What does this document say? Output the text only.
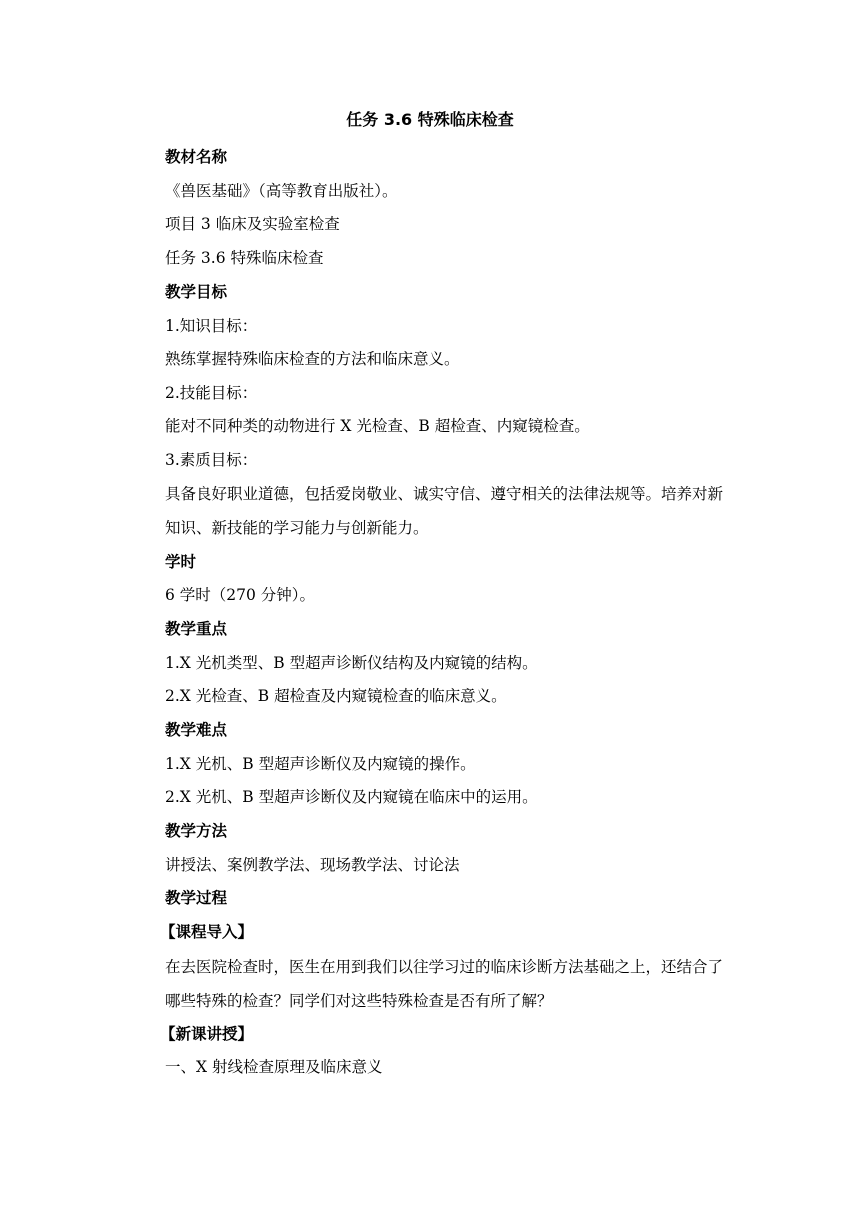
任务 3.6 特殊临床检查
教材名称
《兽医基础》（高等教育出版社）。
项目 3 临床及实验室检查
任务 3.6 特殊临床检查
教学目标
1.知识目标：
熟练掌握特殊临床检查的方法和临床意义。
2.技能目标：
能对不同种类的动物进行 X 光检查、B 超检查、内窥镜检查。
3.素质目标：
具备良好职业道德，包括爱岗敬业、诚实守信、遵守相关的法律法规等。培养对新知识、新技能的学习能力与创新能力。
学时
6 学时（270 分钟）。
教学重点
1.X 光机类型、B 型超声诊断仪结构及内窥镜的结构。
2.X 光检查、B 超检查及内窥镜检查的临床意义。
教学难点
1.X 光机、B 型超声诊断仪及内窥镜的操作。
2.X 光机、B 型超声诊断仪及内窥镜在临床中的运用。
教学方法
讲授法、案例教学法、现场教学法、讨论法
教学过程
【课程导入】
在去医院检查时，医生在用到我们以往学习过的临床诊断方法基础之上，还结合了哪些特殊的检查？同学们对这些特殊检查是否有所了解？
【新课讲授】
一、X 射线检查原理及临床意义
